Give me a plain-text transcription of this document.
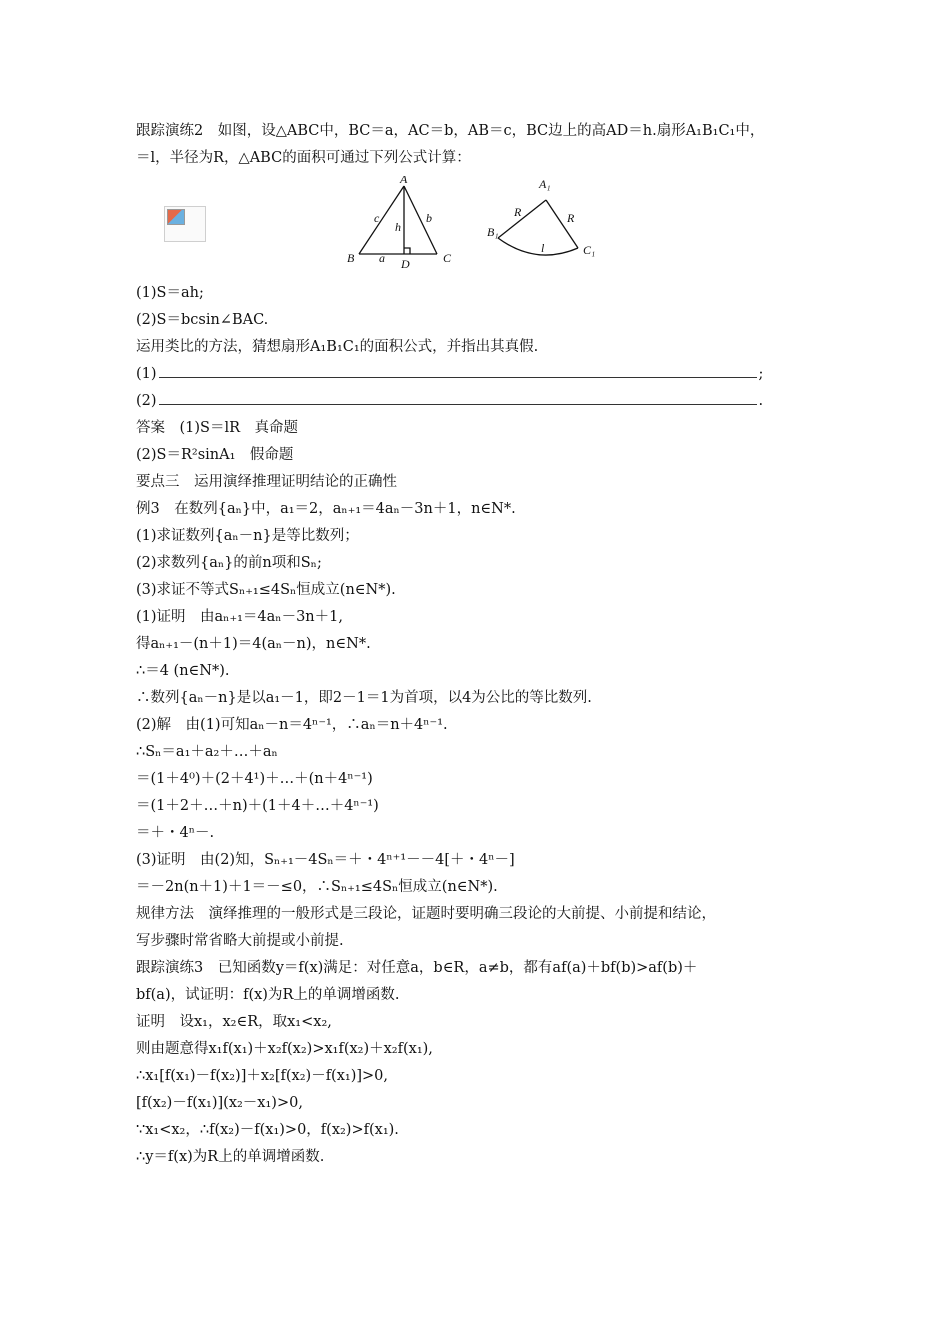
跟踪演练2　如图，设△ABC中，BC＝a，AC＝b，AB＝c，BC边上的高AD＝h.扇形A₁B₁C₁中，
＝l，半径为R，△ABC的面积可通过下列公式计算：
A
B	C
D
a
b
c
h
A₁
B₁
C₁
R	R
l
(1)S＝ah;
(2)S＝bcsin∠BAC.
运用类比的方法，猜想扇形A₁B₁C₁的面积公式，并指出其真假.
(1)	;
(2)	.
答案　(1)S＝lR　真命题
(2)S＝R²sinA₁　假命题
要点三　运用演绎推理证明结论的正确性
例3　在数列{aₙ}中，a₁＝2，aₙ₊₁＝4aₙ－3n＋1，n∈N*.
(1)求证数列{aₙ－n}是等比数列；
(2)求数列{aₙ}的前n项和Sₙ;
(3)求证不等式Sₙ₊₁≤4Sₙ恒成立(n∈N*).
(1)证明　由aₙ₊₁＝4aₙ－3n＋1,
得aₙ₊₁－(n＋1)＝4(aₙ－n)，n∈N*.
∴＝4 (n∈N*).
∴数列{aₙ－n}是以a₁－1，即2－1＝1为首项，以4为公比的等比数列.
(2)解　由(1)可知aₙ－n＝4ⁿ⁻¹，∴aₙ＝n＋4ⁿ⁻¹.
∴Sₙ＝a₁＋a₂＋…＋aₙ
＝(1＋4⁰)＋(2＋4¹)＋…＋(n＋4ⁿ⁻¹)
＝(1＋2＋…＋n)＋(1＋4＋…＋4ⁿ⁻¹)
＝＋・4ⁿ－.
(3)证明　由(2)知，Sₙ₊₁－4Sₙ＝＋・4ⁿ⁺¹－－4[＋・4ⁿ－]
＝－2n(n＋1)＋1＝－≤0，∴Sₙ₊₁≤4Sₙ恒成立(n∈N*).
规律方法　演绎推理的一般形式是三段论，证题时要明确三段论的大前提、小前提和结论，
写步骤时常省略大前提或小前提.
跟踪演练3　已知函数y＝f(x)满足：对任意a，b∈R，a≠b，都有af(a)＋bf(b)>af(b)＋
bf(a)，试证明：f(x)为R上的单调增函数.
证明　设x₁，x₂∈R，取x₁<x₂,
则由题意得x₁f(x₁)＋x₂f(x₂)>x₁f(x₂)＋x₂f(x₁),
∴x₁[f(x₁)－f(x₂)]＋x₂[f(x₂)－f(x₁)]>0,
[f(x₂)－f(x₁)](x₂－x₁)>0,
∵x₁<x₂，∴f(x₂)－f(x₁)>0，f(x₂)>f(x₁).
∴y＝f(x)为R上的单调增函数.
